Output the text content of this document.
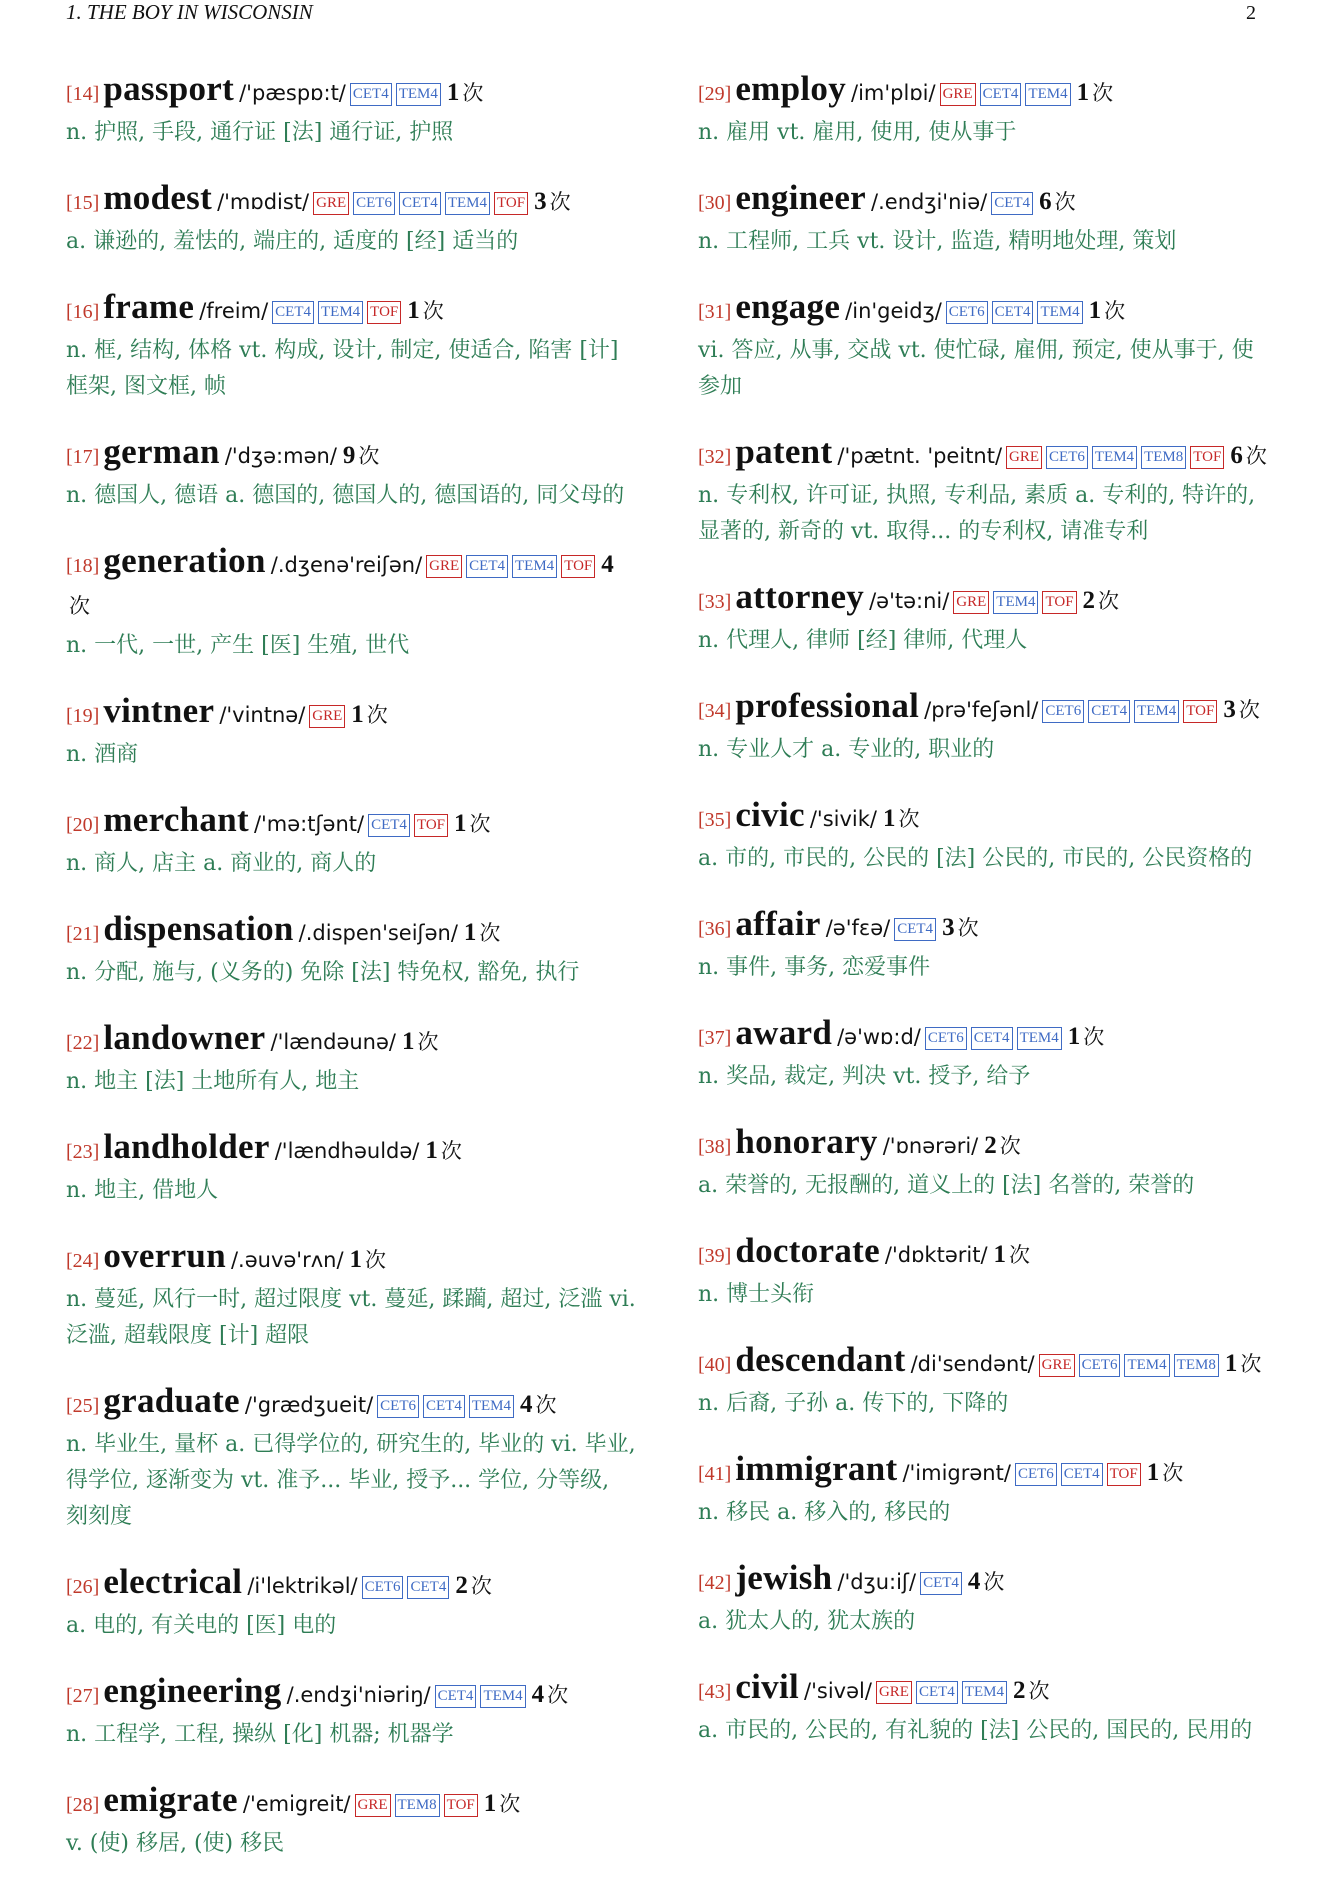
1. THE BOY IN WISCONSIN	2
[14] passport /'pæspɒ:t/ CET4 TEM4 1 次
n. 护照, 手段, 通行证 [法] 通行证, 护照
[15] modest /'mɒdist/ GRE CET6 CET4 TEM4 TOF 3 次
a. 谦逊的, 羞怯的, 端庄的, 适度的 [经] 适当的
[16] frame /freim/ CET4 TEM4 TOF 1 次
n. 框, 结构, 体格 vt. 构成, 设计, 制定, 使适合, 陷害 [计] 框架, 图文框, 帧
[17] german /'dʒə:mən/ 9 次
n. 德国人, 德语 a. 德国的, 德国人的, 德国语的, 同父母的
[18] generation /.dʒenə'reiʃən/ GRE CET4 TEM4 TOF 4次
n. 一代, 一世, 产生 [医] 生殖, 世代
[19] vintner /'vintnə/ GRE 1 次
n. 酒商
[20] merchant /'mə:tʃənt/ CET4 TOF 1 次
n. 商人, 店主 a. 商业的, 商人的
[21] dispensation /.dispen'seiʃən/ 1 次
n. 分配, 施与, (义务的) 免除 [法] 特免权, 豁免, 执行
[22] landowner /'lændəunə/ 1 次
n. 地主 [法] 土地所有人, 地主
[23] landholder /'lændhəuldə/ 1 次
n. 地主, 借地人
[24] overrun /.əuvə'rʌn/ 1 次
n. 蔓延, 风行一时, 超过限度 vt. 蔓延, 蹂躏, 超过, 泛滥 vi. 泛滥, 超载限度 [计] 超限
[25] graduate /'grædʒueit/ CET6 CET4 TEM4 4 次
n. 毕业生, 量杯 a. 已得学位的, 研究生的, 毕业的 vi. 毕业, 得学位, 逐渐变为 vt. 准予... 毕业, 授予... 学位, 分等级, 刻刻度
[26] electrical /i'lektrikəl/ CET6 CET4 2 次
a. 电的, 有关电的 [医] 电的
[27] engineering /.endʒi'niəriŋ/ CET4 TEM4 4 次
n. 工程学, 工程, 操纵 [化] 机器; 机器学
[28] emigrate /'emigreit/ GRE TEM8 TOF 1 次
v. (使) 移居, (使) 移民
[29] employ /im'plɒi/ GRE CET4 TEM4 1 次
n. 雇用 vt. 雇用, 使用, 使从事于
[30] engineer /.endʒi'niə/ CET4 6 次
n. 工程师, 工兵 vt. 设计, 监造, 精明地处理, 策划
[31] engage /in'geidʒ/ CET6 CET4 TEM4 1 次
vi. 答应, 从事, 交战 vt. 使忙碌, 雇佣, 预定, 使从事于, 使参加
[32] patent /'pætnt. 'peitnt/ GRE CET6 TEM4 TEM8 TOF 6 次
n. 专利权, 许可证, 执照, 专利品, 素质 a. 专利的, 特许的, 显著的, 新奇的 vt. 取得... 的专利权, 请准专利
[33] attorney /ə'tə:ni/ GRE TEM4 TOF 2 次
n. 代理人, 律师 [经] 律师, 代理人
[34] professional /prə'feʃənl/ CET6 CET4 TEM4 TOF 3 次
n. 专业人才 a. 专业的, 职业的
[35] civic /'sivik/ 1 次
a. 市的, 市民的, 公民的 [法] 公民的, 市民的, 公民资格的
[36] affair /ə'fɛə/ CET4 3 次
n. 事件, 事务, 恋爱事件
[37] award /ə'wɒ:d/ CET6 CET4 TEM4 1 次
n. 奖品, 裁定, 判决 vt. 授予, 给予
[38] honorary /'ɒnərəri/ 2 次
a. 荣誉的, 无报酬的, 道义上的 [法] 名誉的, 荣誉的
[39] doctorate /'dɒktərit/ 1 次
n. 博士头衔
[40] descendant /di'sendənt/ GRE CET6 TEM4 TEM8 1 次
n. 后裔, 子孙 a. 传下的, 下降的
[41] immigrant /'imigrənt/ CET6 CET4 TOF 1 次
n. 移民 a. 移入的, 移民的
[42] jewish /'dʒu:iʃ/ CET4 4 次
a. 犹太人的, 犹太族的
[43] civil /'sivəl/ GRE CET4 TEM4 2 次
a. 市民的, 公民的, 有礼貌的 [法] 公民的, 国民的, 民用的
